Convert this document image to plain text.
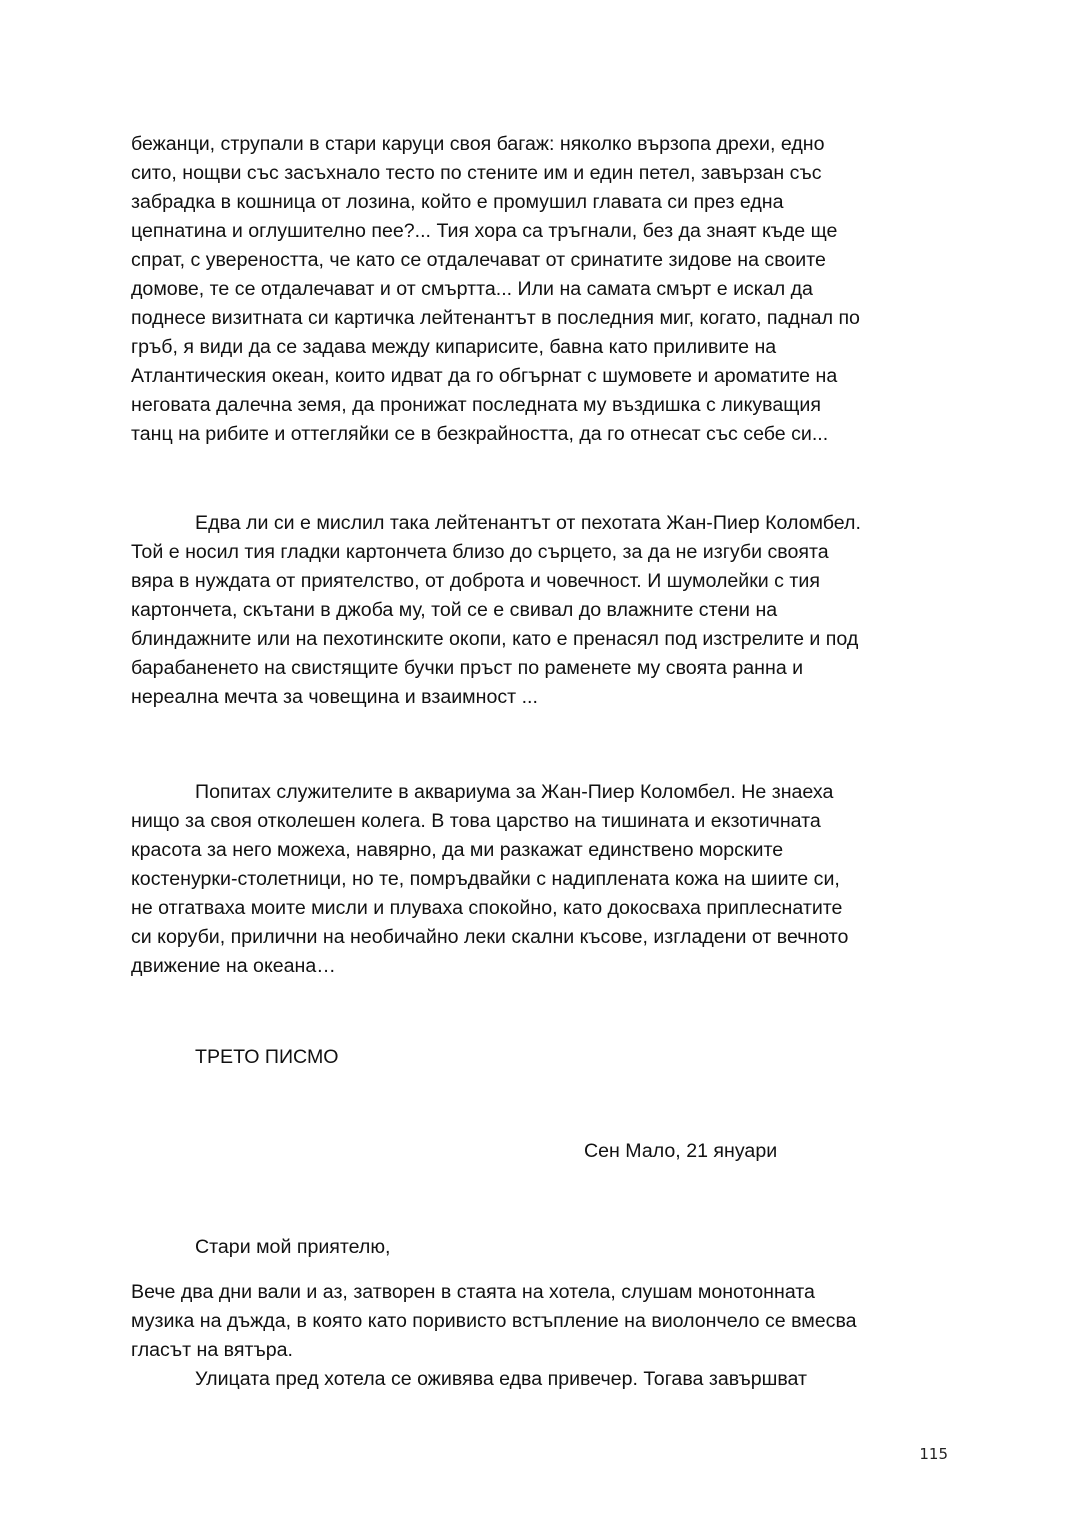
бежанци, струпали в стари каруци своя багаж: няколко вързопа дрехи, едно
сито, нощви със засъхнало тесто по стените им и един петел, завързан със
забрадка в кошница от лозина, който е промушил главата си през една
цепнатина и оглушително пее?... Тия хора са тръгнали, без да знаят къде ще
спрат, с увереността, че като се отдалечават от сринатите зидове на своите
домове, те се отдалечават и от смъртта... Или на самата смърт е искал да
поднесе визитната си картичка лейтенантът в последния миг, когато, паднал по
гръб, я види да се задава между кипарисите, бавна като приливите на
Атлантическия океан, които идват да го обгърнат с шумовете и ароматите на
неговата далечна земя, да пронижат последната му въздишка с ликуващия
танц на рибите и оттегляйки се в безкрайността, да го отнесат със себе си...

Едва ли си е мислил така лейтенантът от пехотата Жан-Пиер Коломбел.
Той е носил тия гладки картончета близо до сърцето, за да не изгуби своята
вяра в нуждата от приятелство, от доброта и човечност. И шумолейки с тия
картончета, скътани в джоба му, той се е свивал до влажните стени на
блиндажните или на пехотинските окопи, като е пренасял под изстрелите и под
барабаненето на свистящите бучки пръст по раменете му своята ранна и
нереална мечта за човещина и взаимност ...

Попитах служителите в аквариума за Жан-Пиер Коломбел. Не знаеха
нищо за своя отколешен колега. В това царство на тишината и екзотичната
красота за него можеха, навярно, да ми разкажат единствено морските
костенурки-столетници, но те, помръдвайки с надиплената кожа на шиите си,
не отгатваха моите мисли и плуваха спокойно, като докосваха приплеснатите
си коруби, прилични на необичайно леки скални късове, изгладени от вечното
движение на океана…

ТРЕТО ПИСМО

Сен Мало, 21 януари

Стари мой приятелю,

Вече два дни вали и аз, затворен в стаята на хотела, слушам монотонната
музика на дъжда, в която като поривисто встъпление на виолончело се вмесва
гласът на вятъра.

Улицата пред хотела се оживява едва привечер. Тогава завършват

115
